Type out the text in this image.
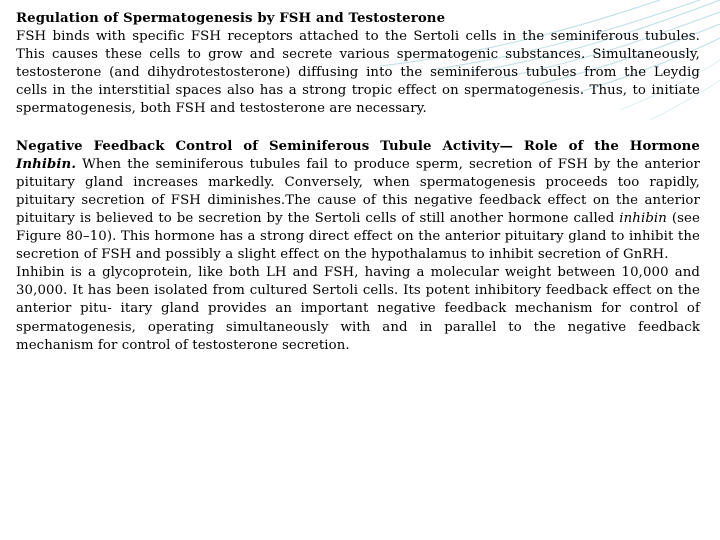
Regulation of Spermatogenesis by FSH and Testosterone

FSH binds with specific FSH receptors attached to the Sertoli cells in the seminiferous tubules. This causes these cells to grow and secrete various spermatogenic substances. Simultaneously, testosterone (and dihydrotestosterone) diffusing into the seminiferous tubules from the Leydig cells in the interstitial spaces also has a strong tropic effect on spermatogenesis. Thus, to initiate spermatogenesis, both FSH and testosterone are necessary.

Negative Feedback Control of Seminiferous Tubule Activity— Role of the Hormone Inhibin. When the seminiferous tubules fail to produce sperm, secretion of FSH by the anterior pituitary gland increases markedly. Conversely, when spermatogenesis proceeds too rapidly, pituitary secretion of FSH diminishes.The cause of this negative feedback effect on the anterior pituitary is believed to be secretion by the Sertoli cells of still another hormone called inhibin (see Figure 80–10). This hormone has a strong direct effect on the anterior pituitary gland to inhibit the secretion of FSH and possibly a slight effect on the hypothalamus to inhibit secretion of GnRH.

Inhibin is a glycoprotein, like both LH and FSH, having a molecular weight between 10,000 and 30,000. It has been isolated from cultured Sertoli cells. Its potent inhibitory feedback effect on the anterior pitu- itary gland provides an important negative feedback mechanism for control of spermatogenesis, operating simultaneously with and in parallel to the negative feedback mechanism for control of testosterone secretion.
